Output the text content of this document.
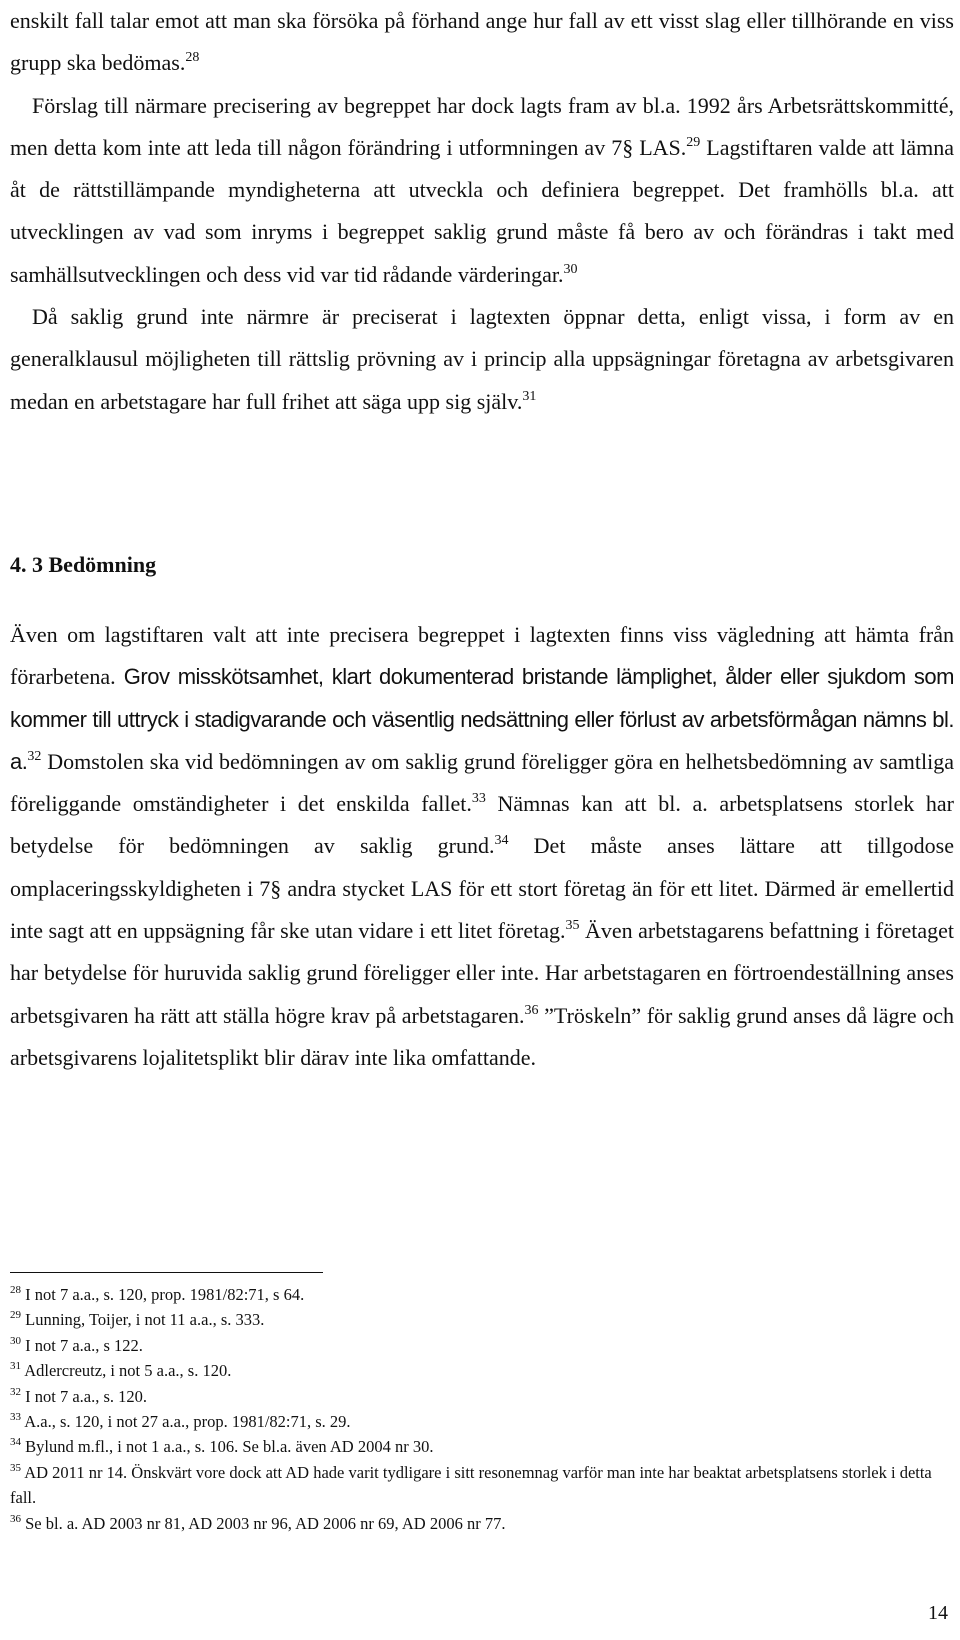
enskilt fall talar emot att man ska försöka på förhand ange hur fall av ett visst slag eller tillhörande en viss grupp ska bedömas.$^{28}$

Förslag till närmare precisering av begreppet har dock lagts fram av bl.a. 1992 års Arbetsrättskommitté, men detta kom inte att leda till någon förändring i utformningen av 7§ LAS.$^{29}$ Lagstiftaren valde att lämna åt de rättstillämpande myndigheterna att utveckla och definiera begreppet. Det framhölls bl.a. att utvecklingen av vad som inryms i begreppet saklig grund måste få bero av och förändras i takt med samhällsutvecklingen och dess vid var tid rådande värderingar.$^{30}$

Då saklig grund inte närmre är preciserat i lagtexten öppnar detta, enligt vissa, i form av en generalklausul möjligheten till rättslig prövning av i princip alla uppsägningar företagna av arbetsgivaren medan en arbetstagare har full frihet att säga upp sig själv.$^{31}$

4. 3 Bedömning

Även om lagstiftaren valt att inte precisera begreppet i lagtexten finns viss vägledning att hämta från förarbetena. Grov misskötsamhet, klart dokumenterad bristande lämplighet, ålder eller sjukdom som kommer till uttryck i stadigvarande och väsentlig nedsättning eller förlust av arbetsförmågan nämns bl. a.$^{32}$ Domstolen ska vid bedömningen av om saklig grund föreligger göra en helhetsbedömning av samtliga föreliggande omständigheter i det enskilda fallet.$^{33}$ Nämnas kan att bl. a. arbetsplatsens storlek har betydelse för bedömningen av saklig grund.$^{34}$ Det måste anses lättare att tillgodose omplaceringsskyldigheten i 7§ andra stycket LAS för ett stort företag än för ett litet. Därmed är emellertid inte sagt att en uppsägning får ske utan vidare i ett litet företag.$^{35}$ Även arbetstagarens befattning i företaget har betydelse för huruvida saklig grund föreligger eller inte. Har arbetstagaren en förtroendeställning anses arbetsgivaren ha rätt att ställa högre krav på arbetstagaren.$^{36}$ ”Tröskeln” för saklig grund anses då lägre och arbetsgivarens lojalitetsplikt blir därav inte lika omfattande.

$^{28}$ I not 7 a.a., s. 120, prop. 1981/82:71, s 64.

$^{29}$ Lunning, Toijer, i not 11 a.a., s. 333.

$^{30}$ I not 7 a.a., s 122.

$^{31}$ Adlercreutz, i not 5 a.a., s. 120.

$^{32}$ I not 7 a.a., s. 120.

$^{33}$ A.a., s. 120, i not 27 a.a., prop. 1981/82:71, s. 29.

$^{34}$ Bylund m.fl., i not 1 a.a., s. 106. Se bl.a. även AD 2004 nr 30.

$^{35}$ AD 2011 nr 14. Önskvärt vore dock att AD hade varit tydligare i sitt resonemnag varför man inte har beaktat arbetsplatsens storlek i detta fall.

$^{36}$ Se bl. a. AD 2003 nr 81, AD 2003 nr 96, AD 2006 nr 69, AD 2006 nr 77.

14
